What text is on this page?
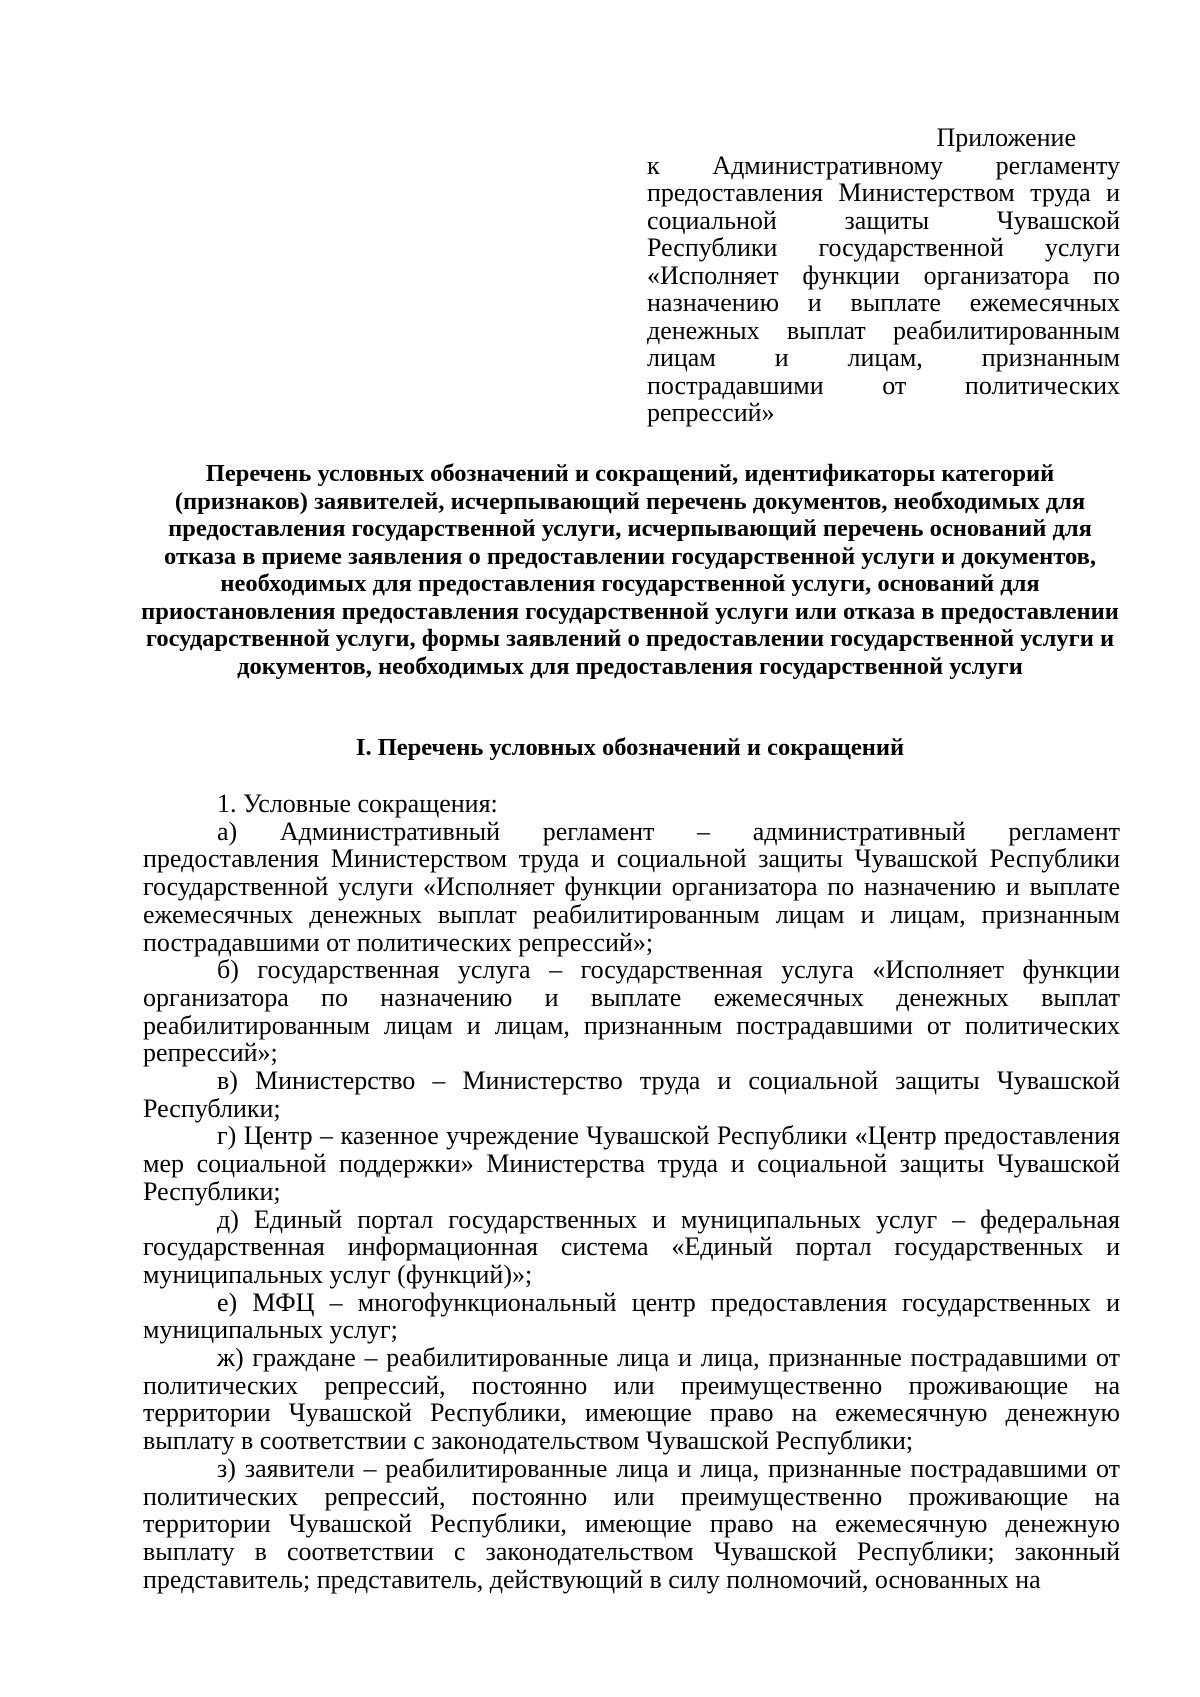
Приложение
к Административному регламенту предоставления Министерством труда и социальной защиты Чувашской Республики государственной услуги «Исполняет функции организатора по назначению и выплате ежемесячных денежных выплат реабилитированным лицам и лицам, признанным пострадавшими от политических репрессий»
Перечень условных обозначений и сокращений, идентификаторы категорий (признаков) заявителей, исчерпывающий перечень документов, необходимых для предоставления государственной услуги, исчерпывающий перечень оснований для отказа в приеме заявления о предоставлении государственной услуги и документов, необходимых для предоставления государственной услуги, оснований для приостановления предоставления государственной услуги или отказа в предоставлении государственной услуги, формы заявлений о предоставлении государственной услуги и документов, необходимых для предоставления государственной услуги
I. Перечень условных обозначений и сокращений

1. Условные сокращения:

а) Административный регламент – административный регламент предоставления Министерством труда и социальной защиты Чувашской Республики государственной услуги «Исполняет функции организатора по назначению и выплате ежемесячных денежных выплат реабилитированным лицам и лицам, признанным пострадавшими от политических репрессий»;

б) государственная услуга – государственная услуга «Исполняет функции организатора по назначению и выплате ежемесячных денежных выплат реабилитированным лицам и лицам, признанным пострадавшими от политических репрессий»;

в) Министерство – Министерство труда и социальной защиты Чувашской Республики;

г) Центр – казенное учреждение Чувашской Республики «Центр предоставления мер социальной поддержки» Министерства труда и социальной защиты Чувашской Республики;

д) Единый портал государственных и муниципальных услуг – федеральная государственная информационная система «Единый портал государственных и муниципальных услуг (функций)»;

е) МФЦ – многофункциональный центр предоставления государственных и муниципальных услуг;

ж) граждане – реабилитированные лица и лица, признанные пострадавшими от политических репрессий, постоянно или преимущественно проживающие на территории Чувашской Республики, имеющие право на ежемесячную денежную выплату в соответствии с законодательством Чувашской Республики;

з) заявители – реабилитированные лица и лица, признанные пострадавшими от политических репрессий, постоянно или преимущественно проживающие на территории Чувашской Республики, имеющие право на ежемесячную денежную выплату в соответствии с законодательством Чувашской Республики; законный представитель; представитель, действующий в силу полномочий, основанных на
